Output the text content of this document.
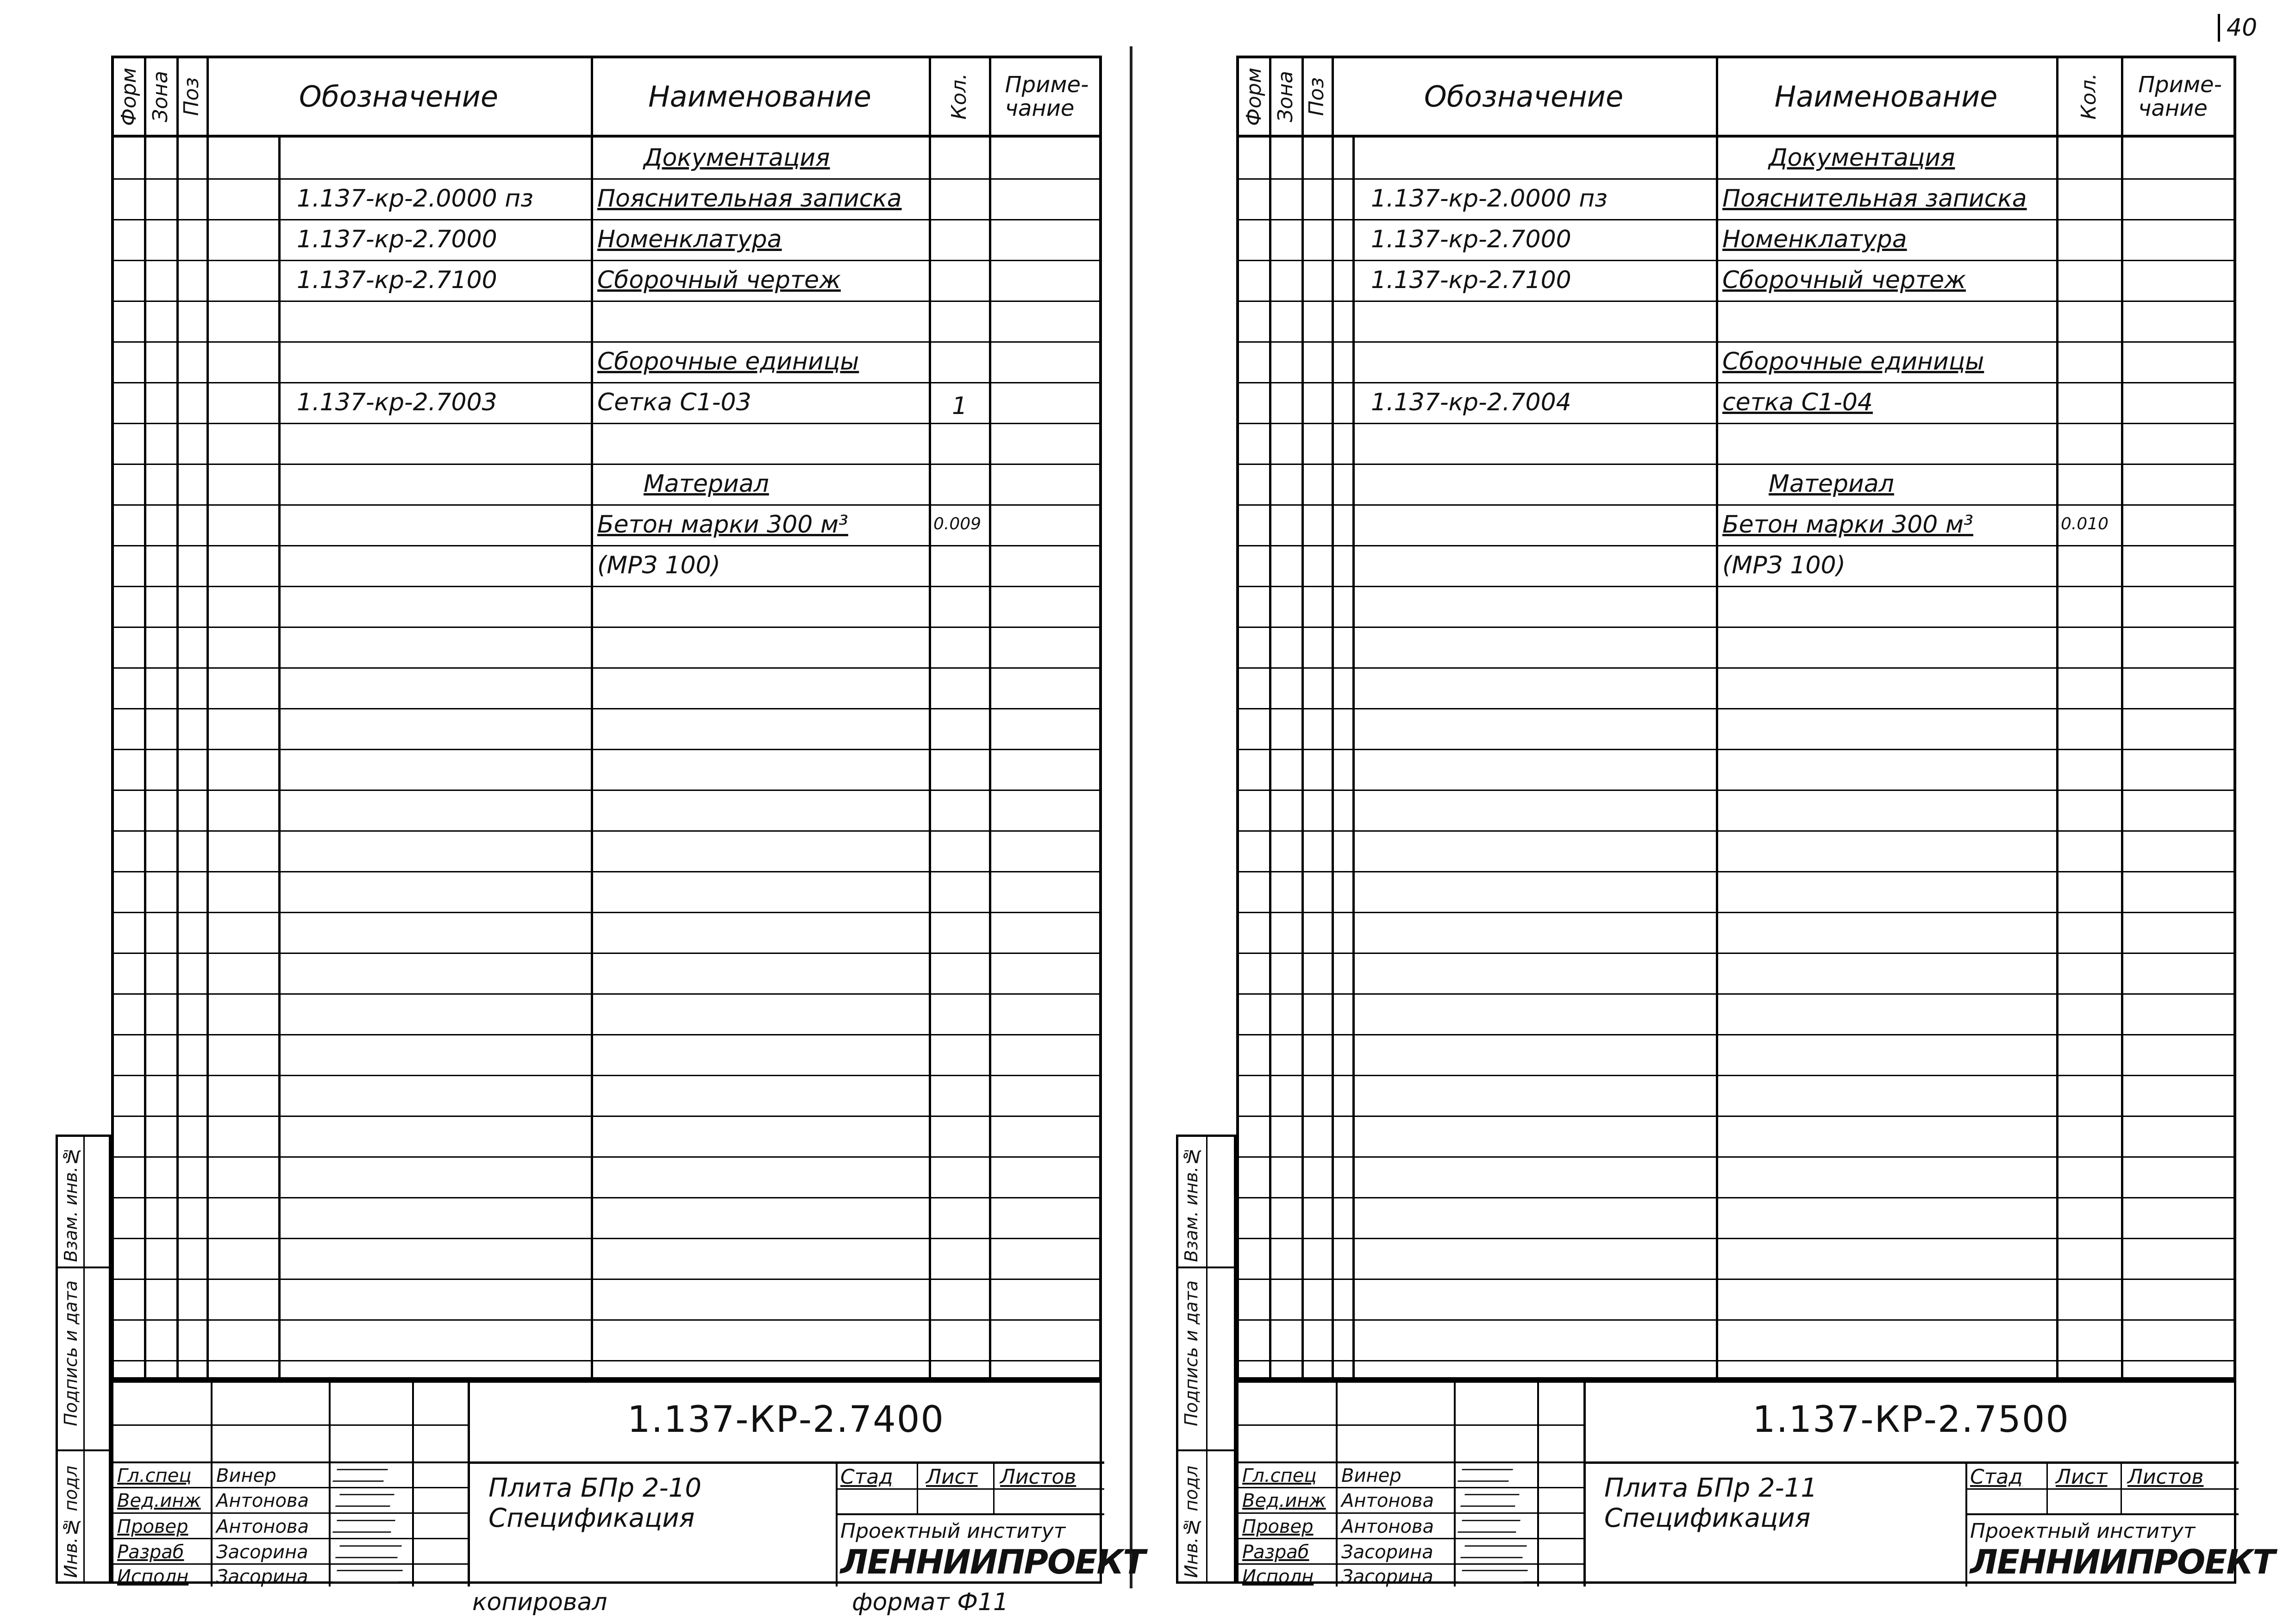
40
Форм Зона Поз	Обозначение	Наименование	Кол. Приме-
чание
Документация
1.137-кр-2.0000 пз	Пояснительная записка
1.137-кр-2.7000	Номенклатура
1.137-кр-2.7100	Сборочный чертеж
Сборочные единицы
1.137-кр-2.7003	Сетка С1-03	1
Материал
Бетон марки 300 м³	0.009
(МРЗ 100)
1.137-КР-2.7400
Плита БПр 2-10
Спецификация
Стад Лист Листов
Проектный институт
ЛЕННИИПРОЕКТ
Гл.спец Винер
Вед.инж Антонова
Провер Антонова
Разраб Засорина
Исполн Засорина
Взам. инв.№
Подпись и дата
Инв.№ подл
Форм Зона Поз	Обозначение	Наименование	Кол. Приме-
чание
Документация
1.137-кр-2.0000 пз	Пояснительная записка
1.137-кр-2.7000	Номенклатура
1.137-кр-2.7100	Сборочный чертеж
Сборочные единицы
1.137-кр-2.7004	сетка С1-04
Материал
Бетон марки 300 м³	0.010
(МРЗ 100)
1.137-КР-2.7500
Плита БПр 2-11
Спецификация
Стад Лист Листов
Проектный институт
ЛЕННИИПРОЕКТ
Гл.спец Винер
Вед.инж Антонова
Провер Антонова
Разраб Засорина
Исполн Засорина
Взам. инв.№
Подпись и дата
Инв.№ подл
копировал	формат Ф11
